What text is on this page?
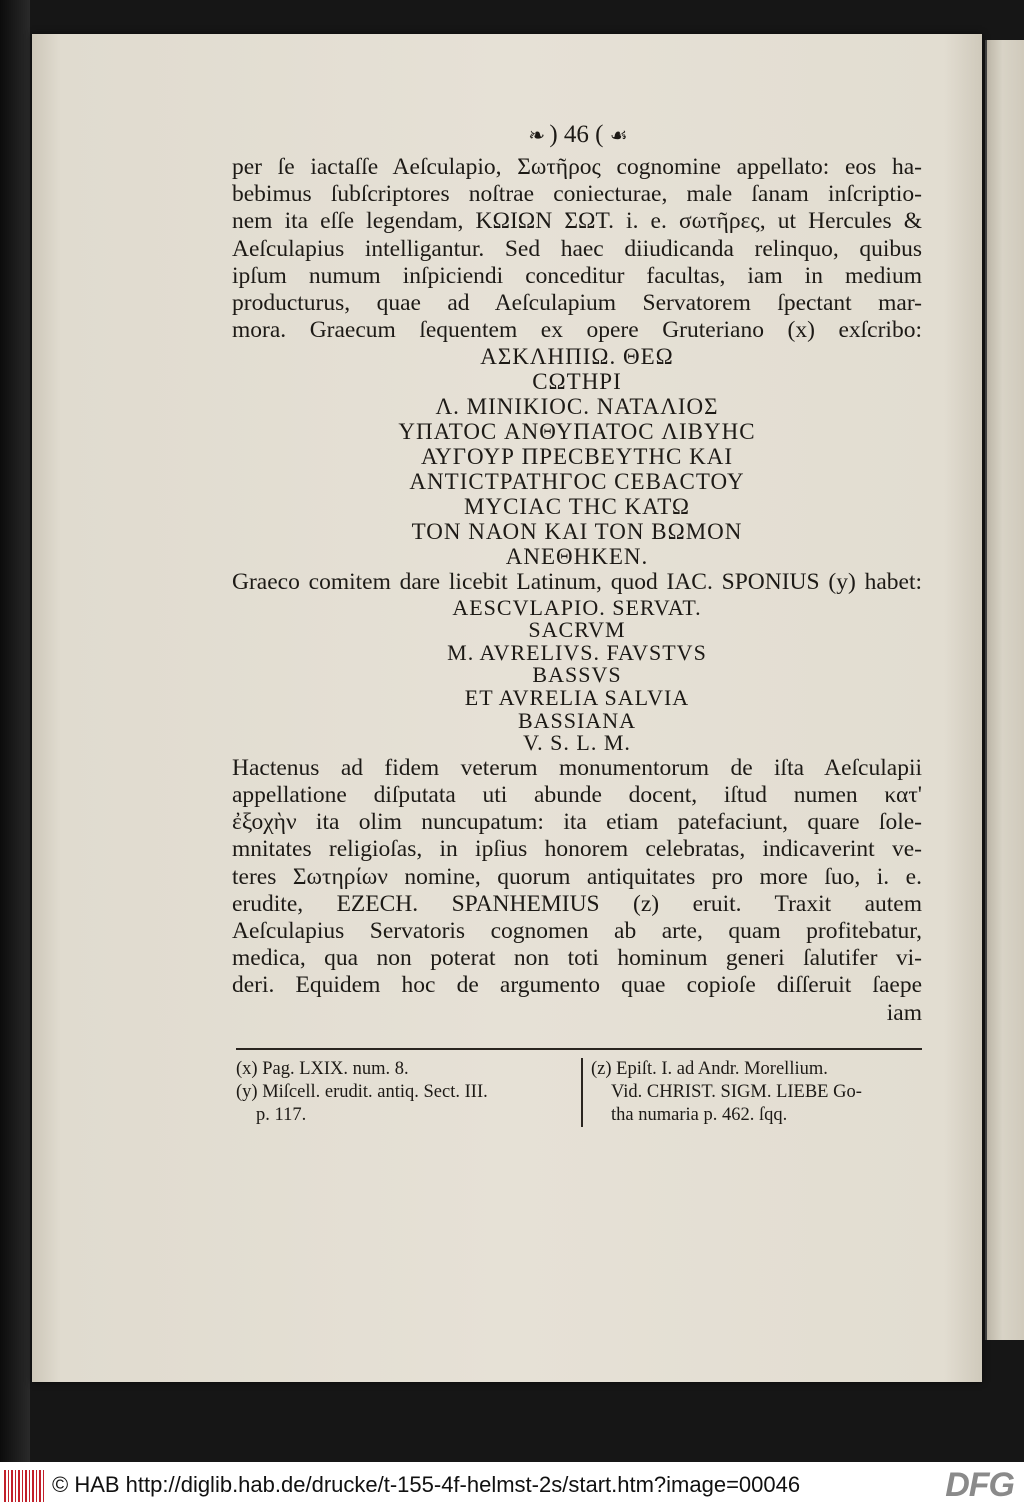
❧ ) 46 ( ☙

per ſe iactaſſe Aeſculapio, Σωτῆρος cognomine appellato: eos ha-

bebimus ſubſcriptores noſtrae coniecturae, male ſanam inſcriptio-

nem ita eſſe legendam, ΚΩΙΩΝ ΣΩΤ. i. e. σωτῆρες, ut Hercules &

Aeſculapius intelligantur. Sed haec diiudicanda relinquo, quibus

ipſum numum inſpiciendi conceditur facultas, iam in medium

producturus, quae ad Aeſculapium Servatorem ſpectant mar-

mora. Graecum ſequentem ex opere Gruteriano (x) exſcribo:

ΑΣΚΛΗΠΙΩ. ΘΕΩ
CΩΤΗΡΙ
Λ. ΜΙΝΙΚΙΟC. ΝΑΤΑΛΙΟΣ
ΥΠΑΤΟC ΑΝΘΥΠΑΤΟC ΛΙΒΥΗC
ΑΥΓΟΥΡ ΠΡΕCΒΕΥΤΗC ΚΑΙ
ΑΝΤΙCΤΡΑΤΗΓΟC CΕΒΑCΤΟΥ
ΜΥCΙΑC ΤΗC ΚΑΤΩ
ΤΟΝ ΝΑΟΝ ΚΑΙ ΤΟΝ ΒΩΜΟΝ
ΑΝΕΘΗΚΕΝ.

Graeco comitem dare licebit Latinum, quod IAC. SPONIUS (y) habet:

AESCVLAPIO. SERVAT.
SACRVM
M. AVRELIVS. FAVSTVS
BASSVS
ET AVRELIA SALVIA
BASSIANA
V. S. L. M.

Hactenus ad fidem veterum monumentorum de iſta Aeſculapii

appellatione diſputata uti abunde docent, iſtud numen κατ'

ἐξοχὴν ita olim nuncupatum: ita etiam patefaciunt, quare ſole-

mnitates religioſas, in ipſius honorem celebratas, indicaverint ve-

teres Σωτηρίων nomine, quorum antiquitates pro more ſuo, i. e.

erudite, EZECH. SPANHEMIUS (z) eruit. Traxit autem

Aeſculapius Servatoris cognomen ab arte, quam profitebatur,

medica, qua non poterat non toti hominum generi ſalutifer vi-

deri. Equidem hoc de argumento quae copioſe diſſeruit ſaepe

iam
(x) Pag. LXIX. num. 8.
(y) Miſcell. erudit. antiq. Sect. III.
p. 117.
(z) Epiſt. I. ad Andr. Morellium.
Vid. CHRIST. SIGM. LIEBE Go-
tha numaria p. 462. ſqq.
© HAB http://diglib.hab.de/drucke/t-155-4f-helmst-2s/start.htm?image=00046	DFG
